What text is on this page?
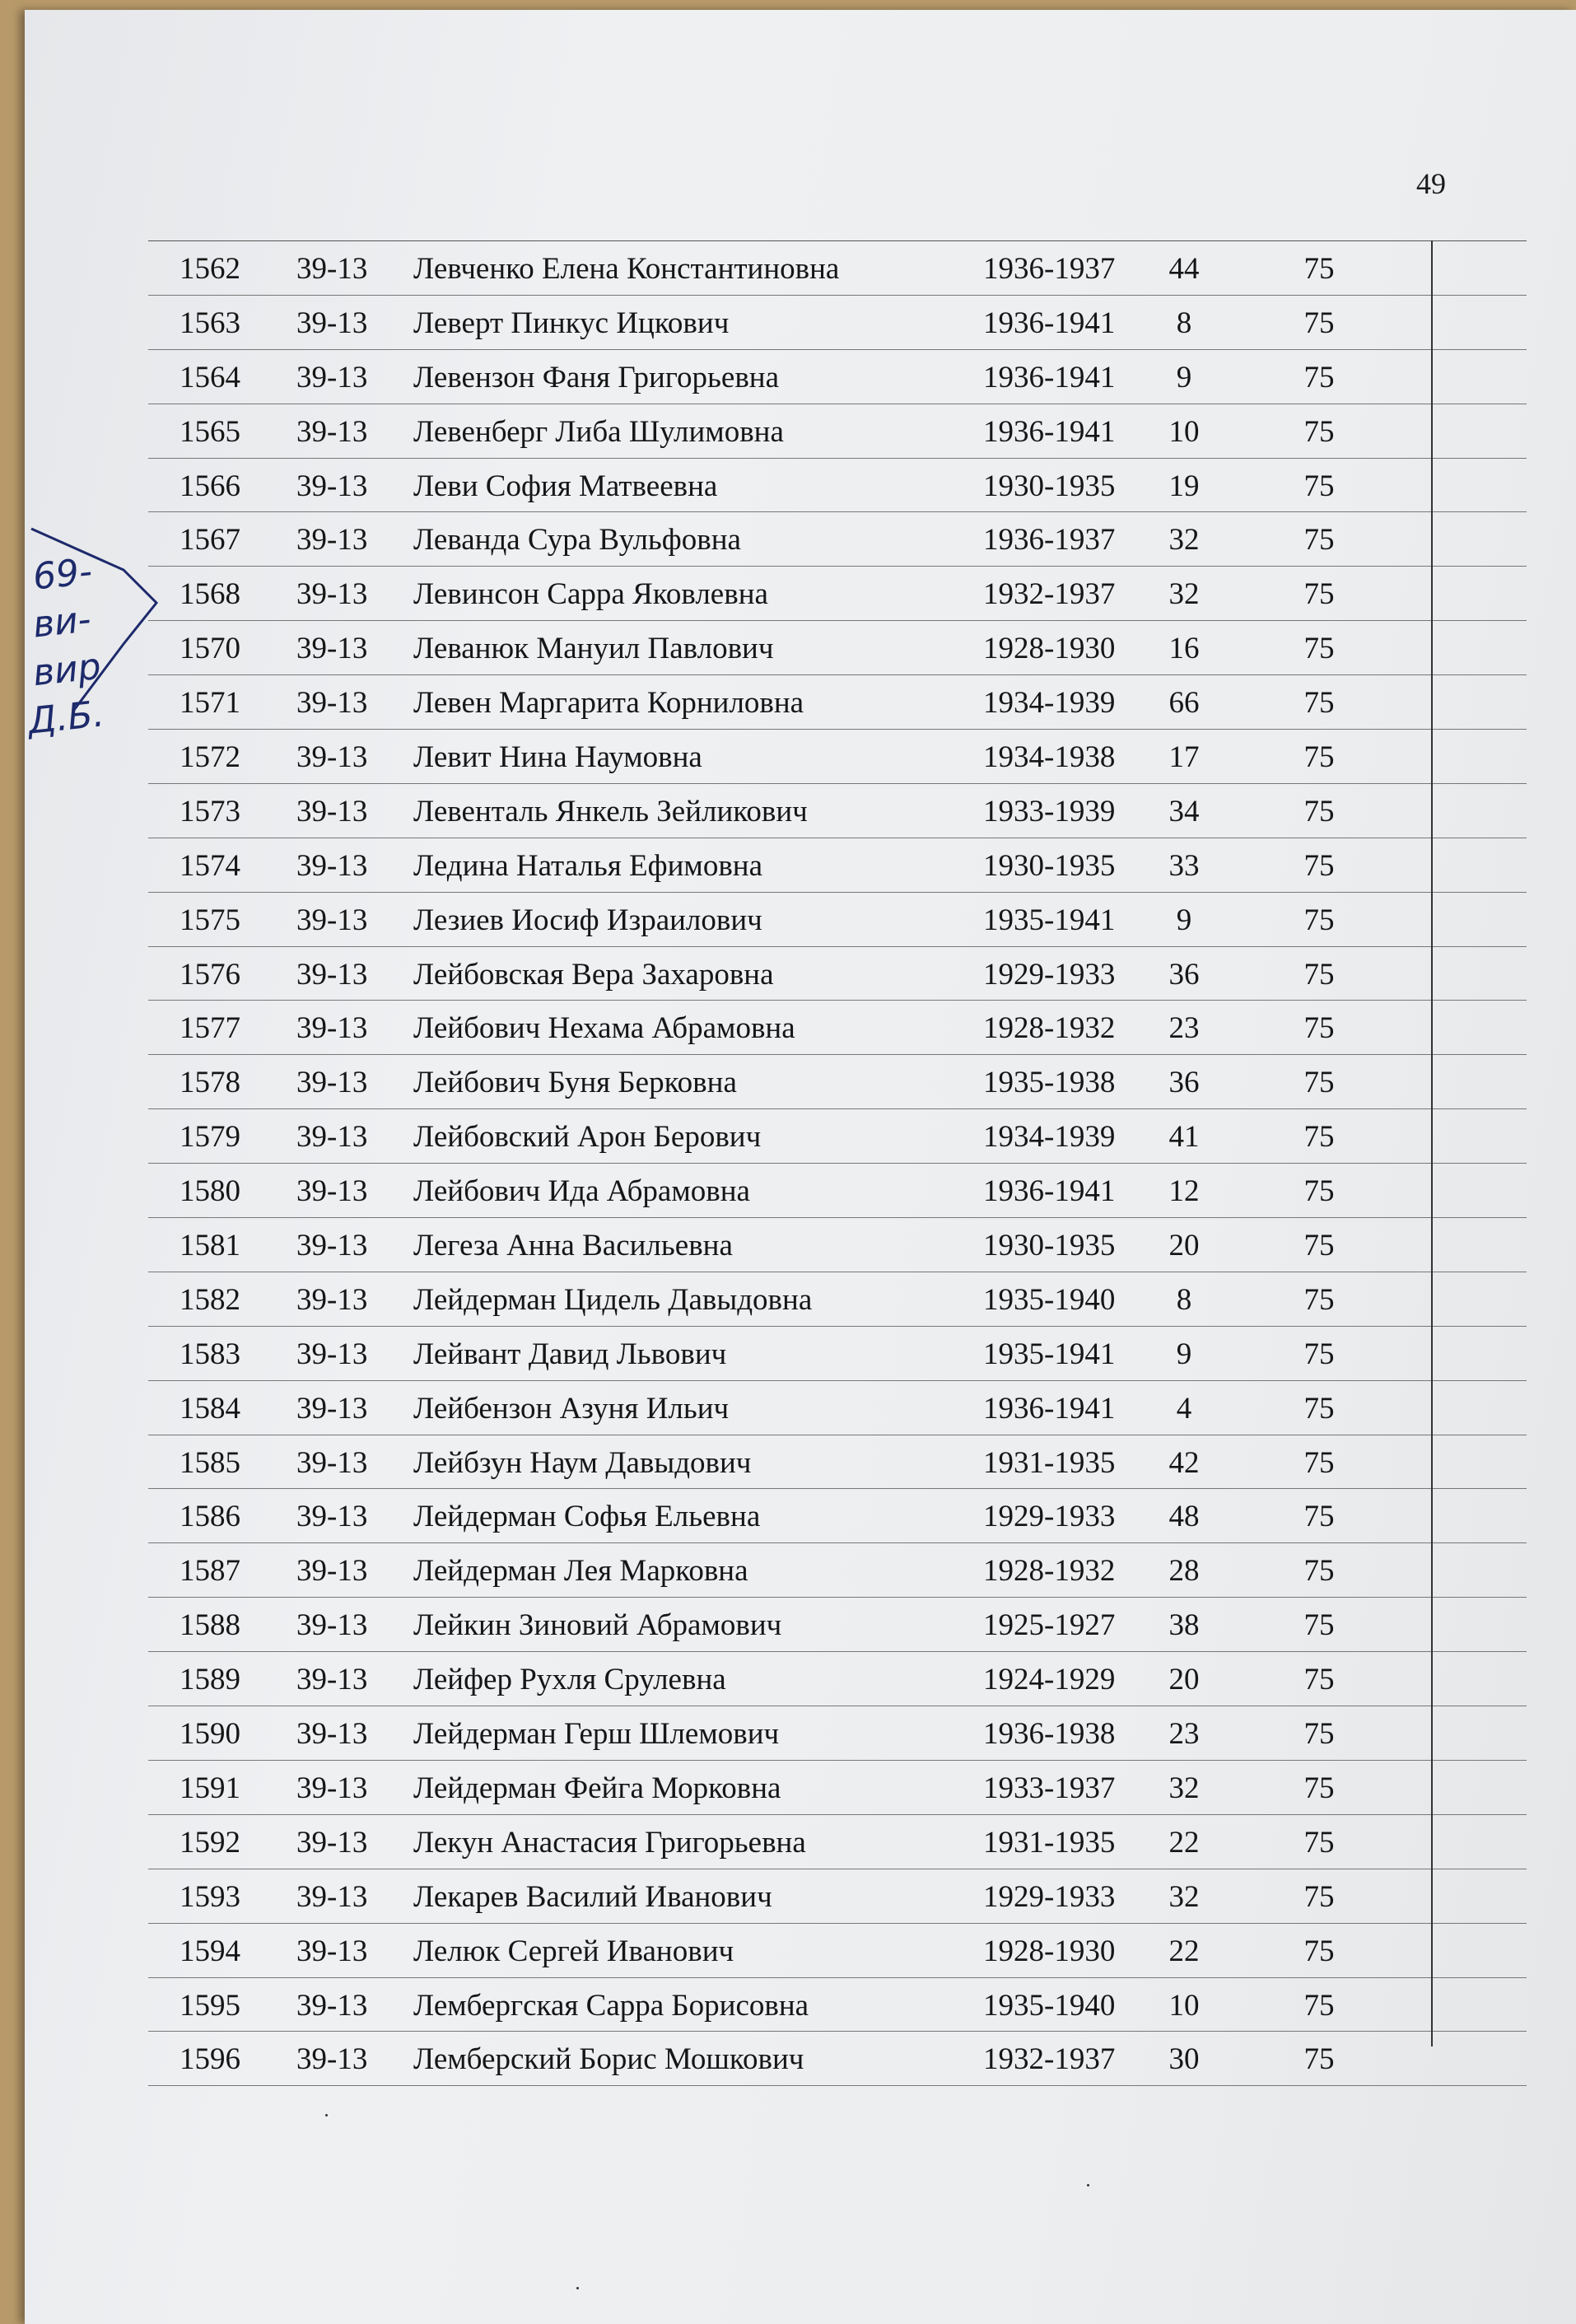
49
69-
ви-
вир
Д.Б.
1562 39-13 Левченко Елена Константиновна	1936-1937	44	75
1563 39-13 Леверт Пинкус Ицкович	1936-1941	8	75
1564 39-13 Левензон Фаня Григорьевна	1936-1941	9	75
1565 39-13 Левенберг Либа Шулимовна	1936-1941	10	75
1566 39-13 Леви София Матвеевна	1930-1935	19	75
1567 39-13 Леванда Сура Вульфовна	1936-1937	32	75
1568 39-13 Левинсон Сарра Яковлевна	1932-1937	32	75
1570 39-13 Леванюк Мануил Павлович	1928-1930	16	75
1571 39-13 Левен Маргарита Корниловна	1934-1939	66	75
1572 39-13 Левит Нина Наумовна	1934-1938	17	75
1573 39-13 Левенталь Янкель Зейликович	1933-1939	34	75
1574 39-13 Ледина Наталья Ефимовна	1930-1935	33	75
1575 39-13 Лезиев Иосиф Израилович	1935-1941	9	75
1576 39-13 Лейбовская Вера Захаровна	1929-1933	36	75
1577 39-13 Лейбович Нехама Абрамовна	1928-1932	23	75
1578 39-13 Лейбович Буня Берковна	1935-1938	36	75
1579 39-13 Лейбовский Арон Берович	1934-1939	41	75
1580 39-13 Лейбович Ида Абрамовна	1936-1941	12	75
1581 39-13 Легеза Анна Васильевна	1930-1935	20	75
1582 39-13 Лейдерман Цидель Давыдовна	1935-1940	8	75
1583 39-13 Лейвант Давид Львович	1935-1941	9	75
1584 39-13 Лейбензон Азуня Ильич	1936-1941	4	75
1585 39-13 Лейбзун Наум Давыдович	1931-1935	42	75
1586 39-13 Лейдерман Софья Ельевна	1929-1933	48	75
1587 39-13 Лейдерман Лея Марковна	1928-1932	28	75
1588 39-13 Лейкин Зиновий Абрамович	1925-1927	38	75
1589 39-13 Лейфер Рухля Срулевна	1924-1929	20	75
1590 39-13 Лейдерман Герш Шлемович	1936-1938	23	75
1591 39-13 Лейдерман Фейга Морковна	1933-1937	32	75
1592 39-13 Лекун Анастасия Григорьевна	1931-1935	22	75
1593 39-13 Лекарев Василий Иванович	1929-1933	32	75
1594 39-13 Лелюк Сергей Иванович	1928-1930	22	75
1595 39-13 Лембергская Сарра Борисовна	1935-1940	10	75
1596 39-13 Лемберский Борис Мошкович	1932-1937	30	75
